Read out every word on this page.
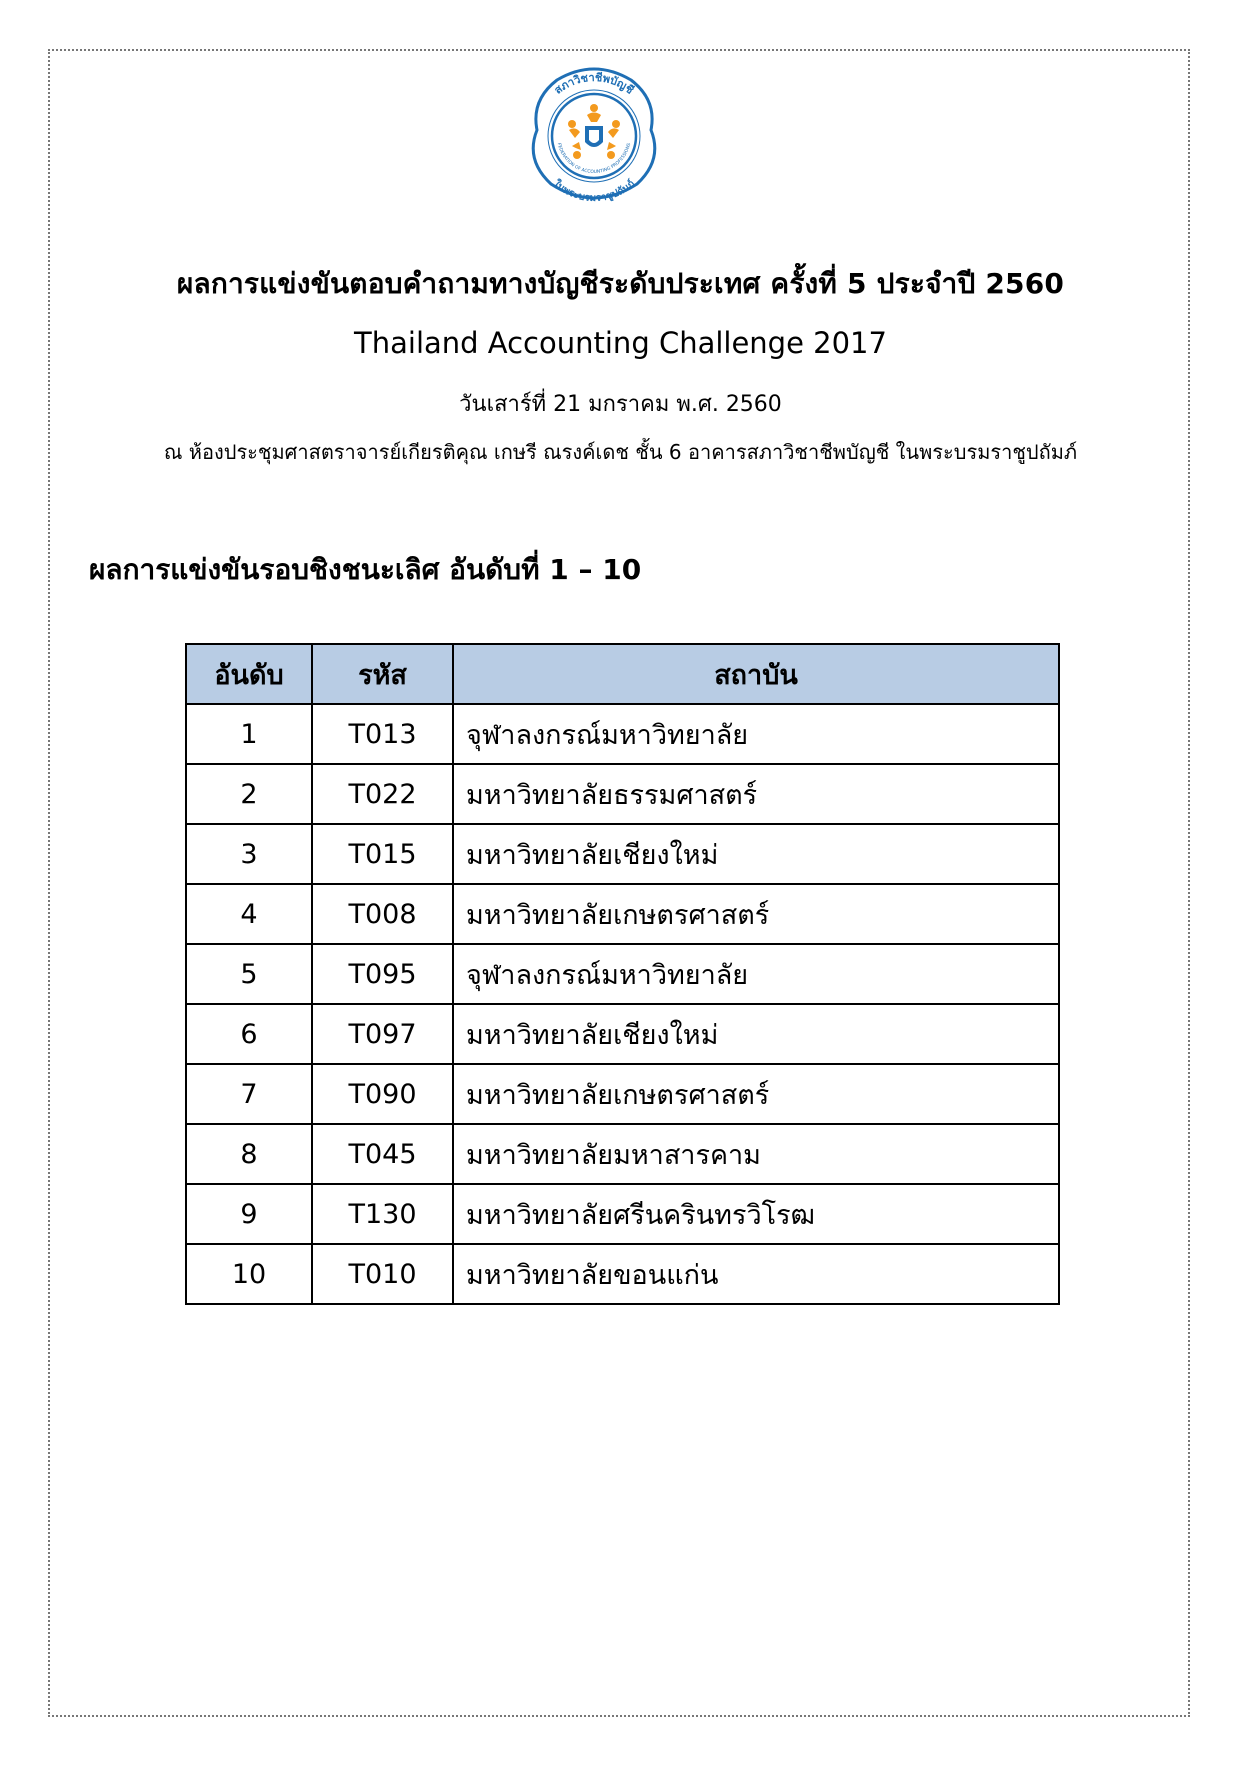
สภาวิชาชีพบัญชี
ในพระบรมราชูปถัมภ์
FEDERATION OF ACCOUNTING PROFESSIONS
ผลการแข่งขันตอบคำถามทางบัญชีระดับประเทศ ครั้งที่ 5 ประจำปี 2560
Thailand Accounting Challenge 2017
วันเสาร์ที่ 21 มกราคม พ.ศ. 2560
ณ ห้องประชุมศาสตราจารย์เกียรติคุณ เกษรี ณรงค์เดช ชั้น 6 อาคารสภาวิชาชีพบัญชี ในพระบรมราชูปถัมภ์
ผลการแข่งขันรอบชิงชนะเลิศ อันดับที่ 1 – 10
อันดับ	รหัส	สถาบัน
1	T013	จุฬาลงกรณ์มหาวิทยาลัย
2	T022	มหาวิทยาลัยธรรมศาสตร์
3	T015	มหาวิทยาลัยเชียงใหม่
4	T008	มหาวิทยาลัยเกษตรศาสตร์
5	T095	จุฬาลงกรณ์มหาวิทยาลัย
6	T097	มหาวิทยาลัยเชียงใหม่
7	T090	มหาวิทยาลัยเกษตรศาสตร์
8	T045	มหาวิทยาลัยมหาสารคาม
9	T130	มหาวิทยาลัยศรีนครินทรวิโรฒ
10	T010	มหาวิทยาลัยขอนแก่น
